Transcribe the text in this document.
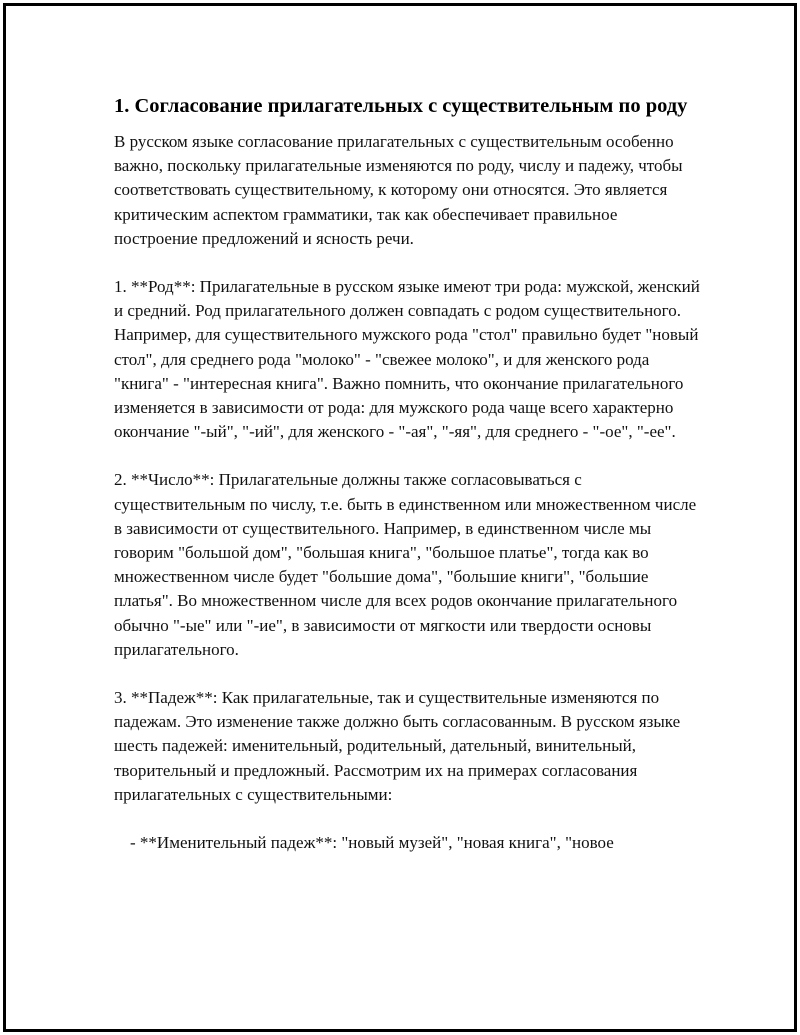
1. Согласование прилагательных с существительным по роду

В русском языке согласование прилагательных с существительным особенно важно, поскольку прилагательные изменяются по роду, числу и падежу, чтобы соответствовать существительному, к которому они относятся. Это является критическим аспектом грамматики, так как обеспечивает правильное построение предложений и ясность речи.

1. **Род**: Прилагательные в русском языке имеют три рода: мужской, женский и средний. Род прилагательного должен совпадать с родом существительного. Например, для существительного мужского рода "стол" правильно будет "новый стол", для среднего рода "молоко" - "свежее молоко", и для женского рода "книга" - "интересная книга". Важно помнить, что окончание прилагательного изменяется в зависимости от рода: для мужского рода чаще всего характерно окончание "-ый", "-ий", для женского - "-ая", "-яя", для среднего - "-ое", "-ее".

2. **Число**: Прилагательные должны также согласовываться с существительным по числу, т.е. быть в единственном или множественном числе в зависимости от существительного. Например, в единственном числе мы говорим "большой дом", "большая книга", "большое платье", тогда как во множественном числе будет "большие дома", "большие книги", "большие платья". Во множественном числе для всех родов окончание прилагательного обычно "-ые" или "-ие", в зависимости от мягкости или твердости основы прилагательного.

3. **Падеж**: Как прилагательные, так и существительные изменяются по падежам. Это изменение также должно быть согласованным. В русском языке шесть падежей: именительный, родительный, дательный, винительный, творительный и предложный. Рассмотрим их на примерах согласования прилагательных с существительными:

- **Именительный падеж**: "новый музей", "новая книга", "новое
